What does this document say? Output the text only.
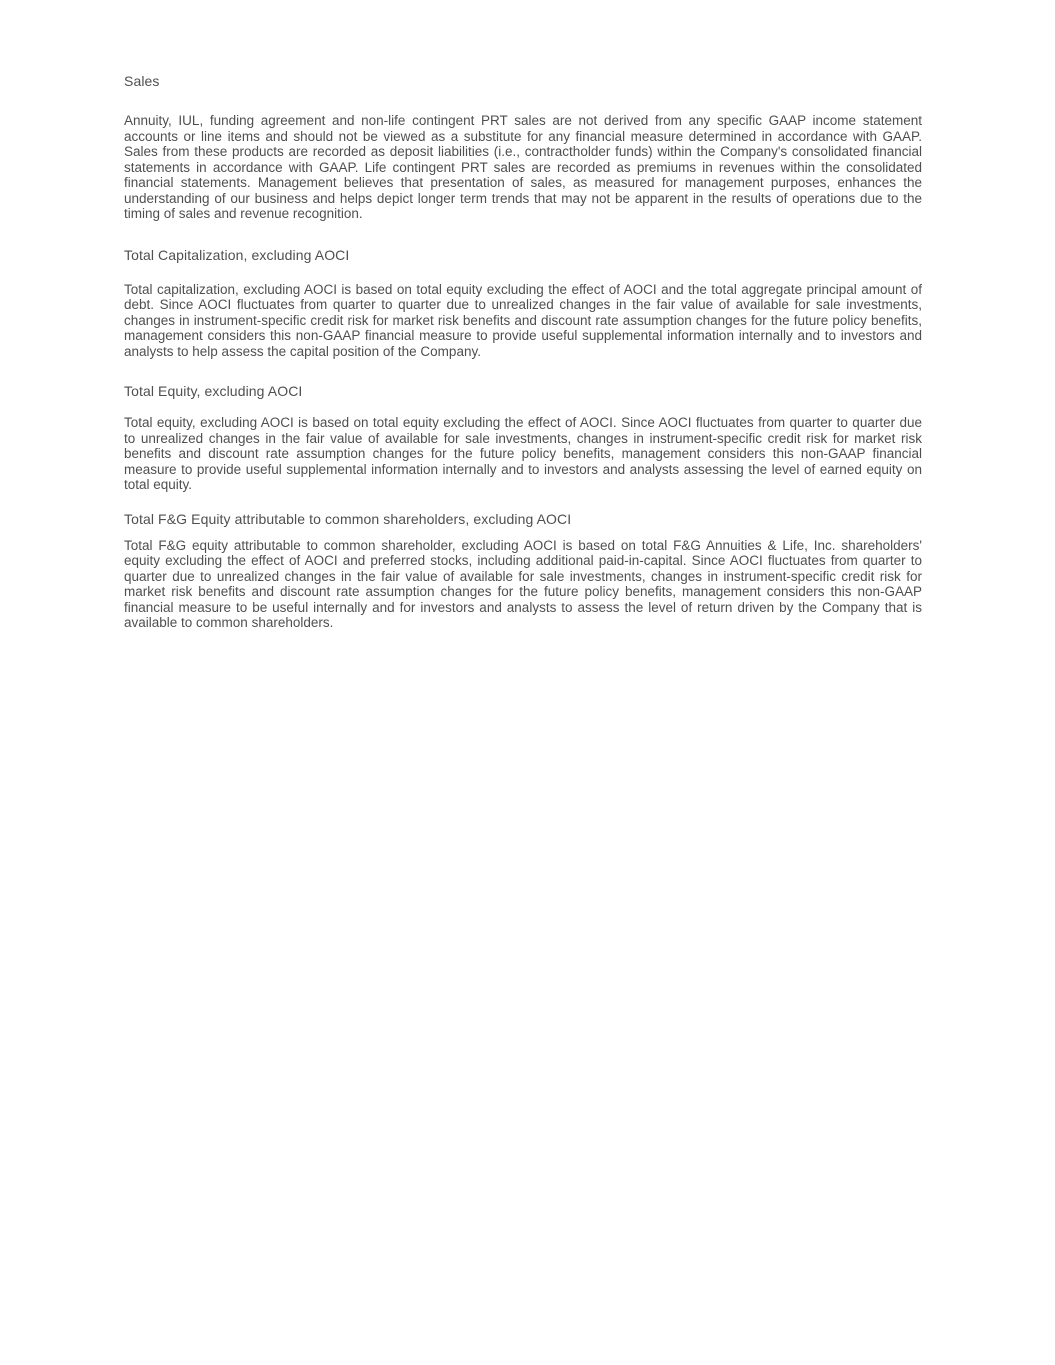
Sales
Annuity, IUL, funding agreement and non-life contingent PRT sales are not derived from any specific GAAP income statement accounts or line items and should not be viewed as a substitute for any financial measure determined in accordance with GAAP. Sales from these products are recorded as deposit liabilities (i.e., contractholder funds) within the Company's consolidated financial statements in accordance with GAAP. Life contingent PRT sales are recorded as premiums in revenues within the consolidated financial statements. Management believes that presentation of sales, as measured for management purposes, enhances the understanding of our business and helps depict longer term trends that may not be apparent in the results of operations due to the timing of sales and revenue recognition.
Total Capitalization, excluding AOCI
Total capitalization, excluding AOCI is based on total equity excluding the effect of AOCI and the total aggregate principal amount of debt. Since AOCI fluctuates from quarter to quarter due to unrealized changes in the fair value of available for sale investments, changes in instrument-specific credit risk for market risk benefits and discount rate assumption changes for the future policy benefits, management considers this non-GAAP financial measure to provide useful supplemental information internally and to investors and analysts to help assess the capital position of the Company.
Total Equity, excluding AOCI
Total equity, excluding AOCI is based on total equity excluding the effect of AOCI. Since AOCI fluctuates from quarter to quarter due to unrealized changes in the fair value of available for sale investments, changes in instrument-specific credit risk for market risk benefits and discount rate assumption changes for the future policy benefits, management considers this non-GAAP financial measure to provide useful supplemental information internally and to investors and analysts assessing the level of earned equity on total equity.
Total F&G Equity attributable to common shareholders, excluding AOCI
Total F&G equity attributable to common shareholder, excluding AOCI is based on total F&G Annuities & Life, Inc. shareholders' equity excluding the effect of AOCI and preferred stocks, including additional paid-in-capital. Since AOCI fluctuates from quarter to quarter due to unrealized changes in the fair value of available for sale investments, changes in instrument-specific credit risk for market risk benefits and discount rate assumption changes for the future policy benefits, management considers this non-GAAP financial measure to be useful internally and for investors and analysts to assess the level of return driven by the Company that is available to common shareholders.
